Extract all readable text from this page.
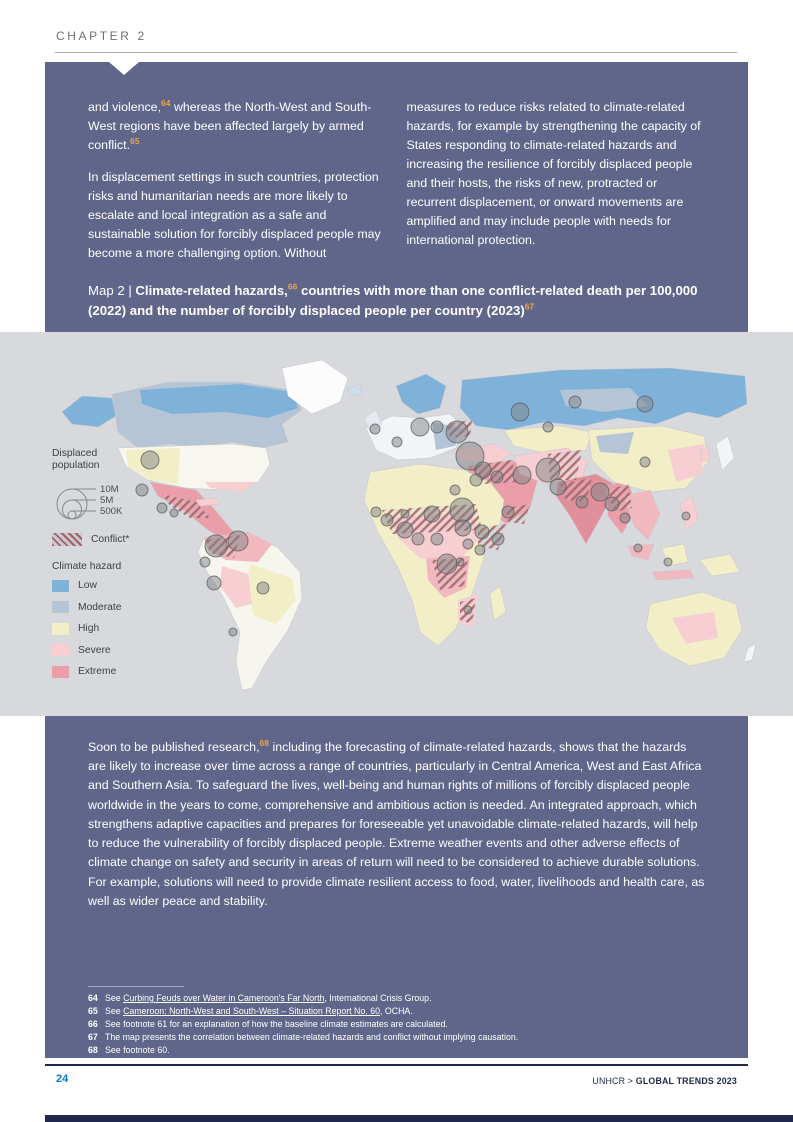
CHAPTER 2

and violence,$^{64}$ whereas the North-West and South-West regions have been affected largely by armed conflict.$^{65}$

In displacement settings in such countries, protection risks and humanitarian needs are more likely to escalate and local integration as a safe and sustainable solution for forcibly displaced people may become a more challenging option. Without

measures to reduce risks related to climate-related hazards, for example by strengthening the capacity of States responding to climate-related hazards and increasing the resilience of forcibly displaced people and their hosts, the risks of new, protracted or recurrent displacement, or onward movements are amplified and may include people with needs for international protection.

Map 2 | Climate-related hazards,$^{66}$ countries with more than one conflict-related death per 100,000 (2022) and the number of forcibly displaced people per country (2023)$^{67}$
Displaced
population
10M
5M
500K
Conflict*
Climate hazard
Low
Moderate
High
Severe
Extreme
Soon to be published research,$^{68}$ including the forecasting of climate-related hazards, shows that the hazards are likely to increase over time across a range of countries, particularly in Central America, West and East Africa and Southern Asia. To safeguard the lives, well-being and human rights of millions of forcibly displaced people worldwide in the years to come, comprehensive and ambitious action is needed. An integrated approach, which strengthens adaptive capacities and prepares for foreseeable yet unavoidable climate-related hazards, will help to reduce the vulnerability of forcibly displaced people. Extreme weather events and other adverse effects of climate change on safety and security in areas of return will need to be considered to achieve durable solutions. For example, solutions will need to provide climate resilient access to food, water, livelihoods and health care, as well as wider peace and stability.
64 See Curbing Feuds over Water in Cameroon's Far North, International Crisis Group.
65 See Cameroon: North-West and South-West – Situation Report No. 60, OCHA.
66 See footnote 61 for an explanation of how the baseline climate estimates are calculated.
67 The map presents the correlation between climate-related hazards and conflict without implying causation.
68 See footnote 60.
24	UNHCR > GLOBAL TRENDS 2023
